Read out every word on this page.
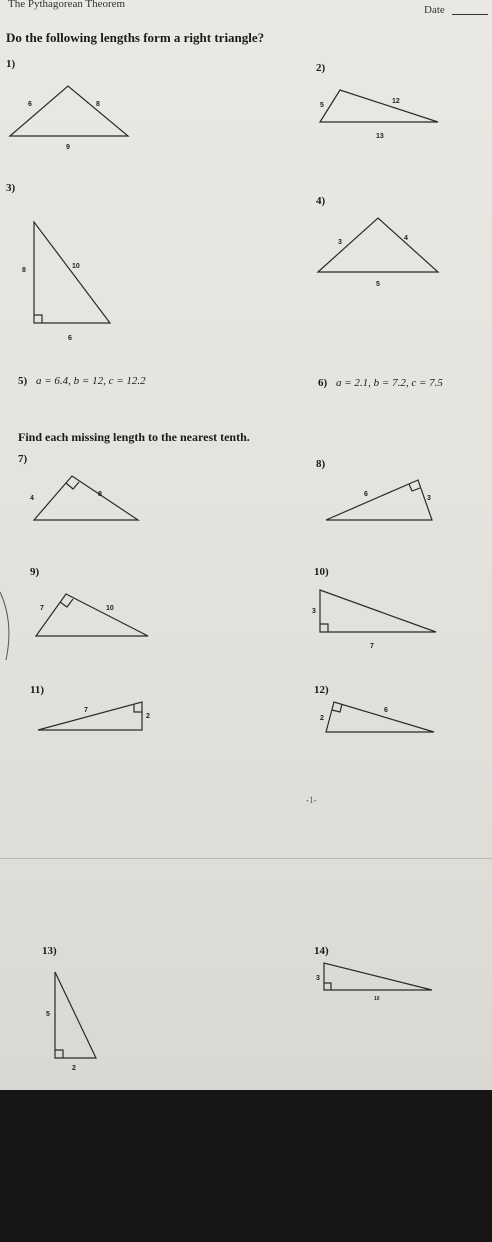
The Pythagorean Theorem	Date
Do the following lengths form a right triangle?
1)	2)
3)
4)
5) a = 6.4, b = 12, c = 12.2	6) a = 2.1, b = 7.2, c = 7.5
Find each missing length to the nearest tenth.
7)	8)
9)	10)
11)	12)
-1-
13)	14)
6	8
9
5
12
13
8
10
6
3
4
5
4
8	6
3
7	10	3
7
7
2	2
6
5
2
3
10
